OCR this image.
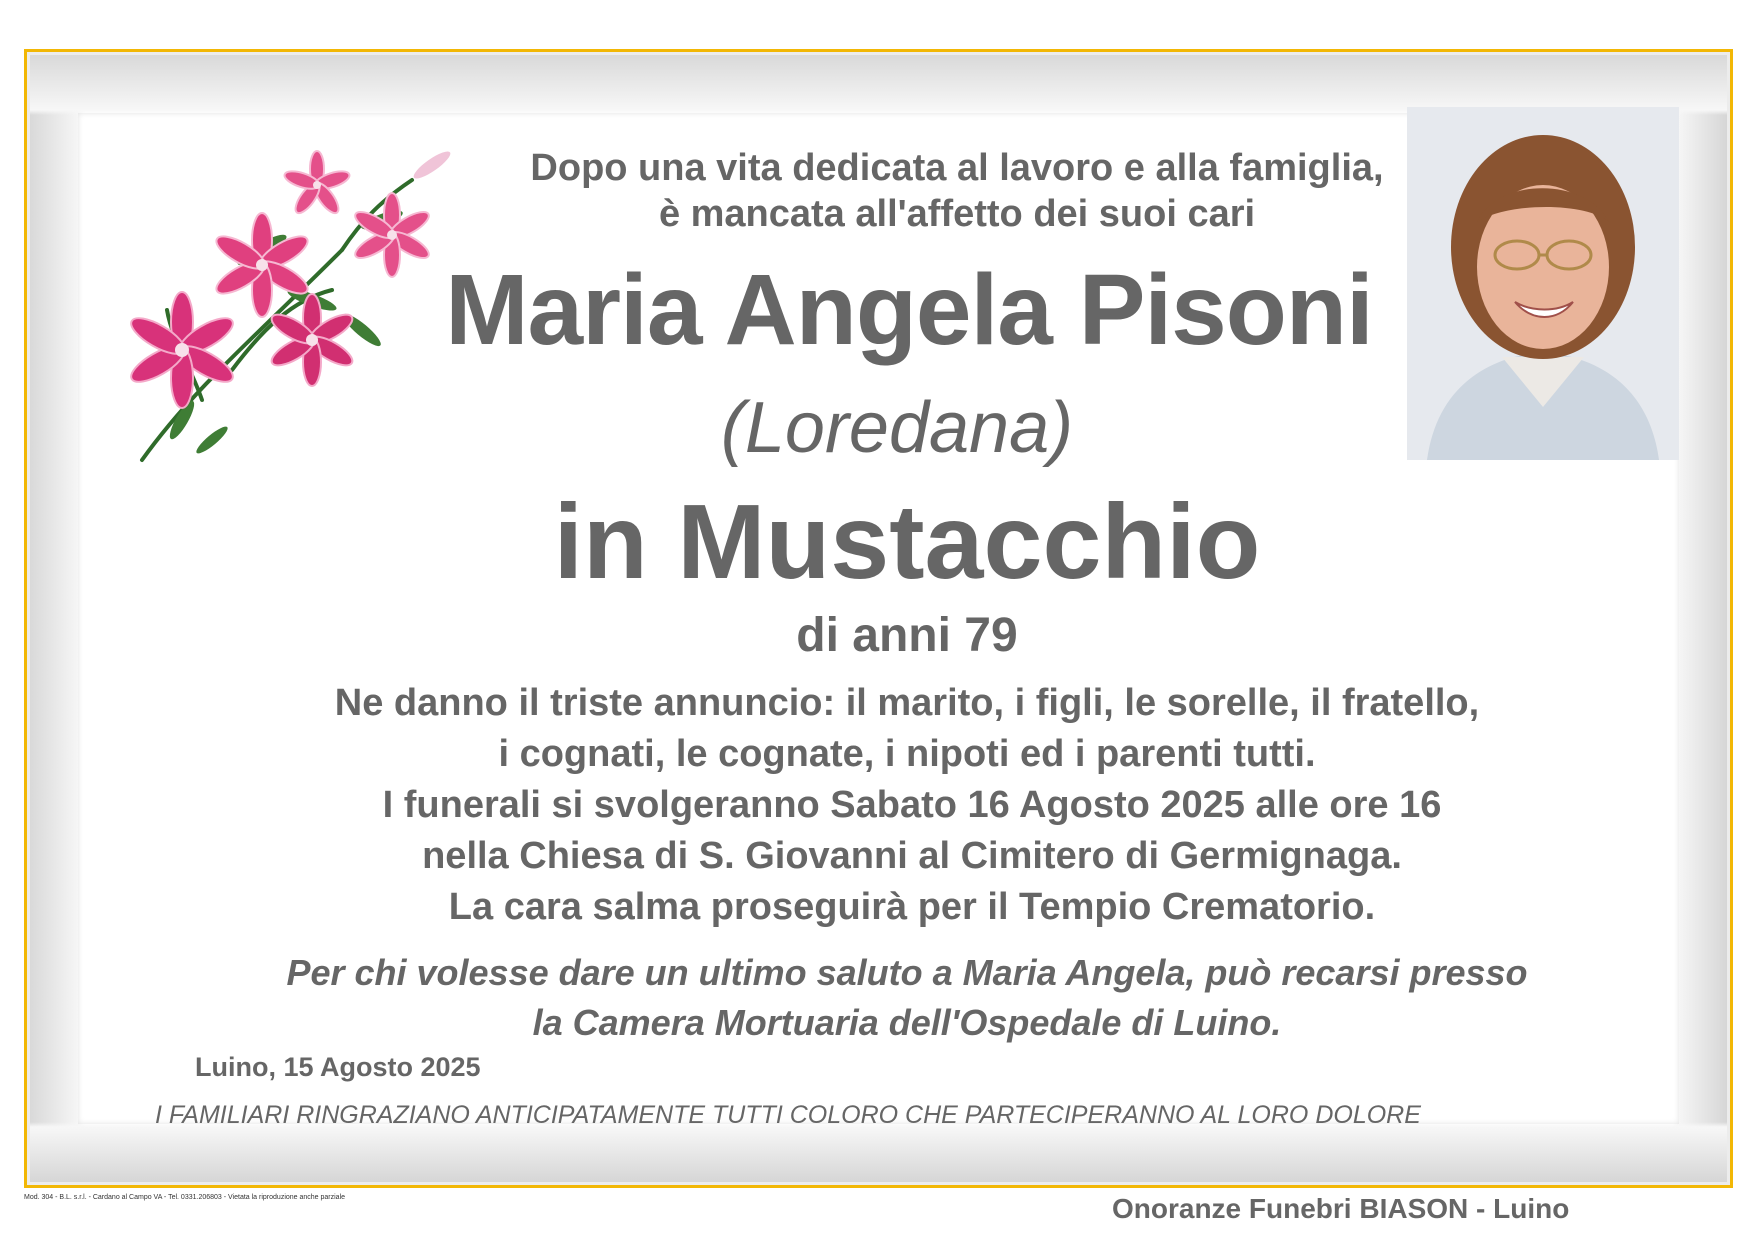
Dopo una vita dedicata al lavoro e alla famiglia,
è mancata all'affetto dei suoi cari
Maria Angela Pisoni
(Loredana)
in Mustacchio
di anni 79
Ne danno il triste annuncio: il marito, i figli, le sorelle, il fratello,
i cognati, le cognate, i nipoti ed i parenti tutti.
I funerali si svolgeranno Sabato 16 Agosto 2025 alle ore 16
nella Chiesa di S. Giovanni al Cimitero di Germignaga.
La cara salma proseguirà per il Tempio Crematorio.
Per chi volesse dare un ultimo saluto a Maria Angela, può recarsi presso
la Camera Mortuaria dell'Ospedale di Luino.
Luino, 15 Agosto 2025
I FAMILIARI RINGRAZIANO ANTICIPATAMENTE TUTTI COLORO CHE PARTECIPERANNO AL LORO DOLORE
Mod. 304 - B.L. s.r.l. - Cardano al Campo VA - Tel. 0331.206803 - Vietata la riproduzione anche parziale	Onoranze Funebri BIASON - Luino
